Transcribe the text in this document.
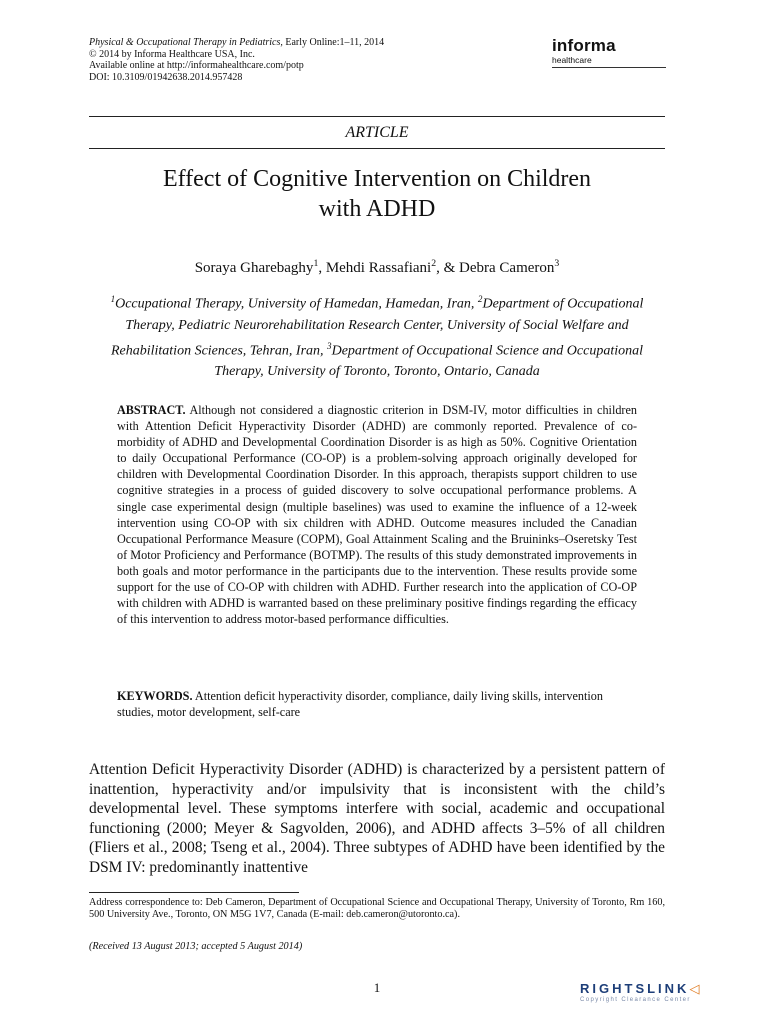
Physical & Occupational Therapy in Pediatrics, Early Online:1–11, 2014
© 2014 by Informa Healthcare USA, Inc.
Available online at http://informahealthcare.com/potp
DOI: 10.3109/01942638.2014.957428
informa
healthcare
ARTICLE
Effect of Cognitive Intervention on Children
with ADHD
Soraya Gharebaghy$^1$, Mehdi Rassafiani$^2$, & Debra Cameron$^3$
$^1$Occupational Therapy, University of Hamedan, Hamedan, Iran, $^2$Department of Occupational Therapy, Pediatric Neurorehabilitation Research Center, University of Social Welfare and Rehabilitation Sciences, Tehran, Iran, $^3$Department of Occupational Science and Occupational Therapy, University of Toronto, Toronto, Ontario, Canada
ABSTRACT. Although not considered a diagnostic criterion in DSM-IV, motor difficulties in children with Attention Deficit Hyperactivity Disorder (ADHD) are commonly reported. Prevalence of co-morbidity of ADHD and Developmental Coordination Disorder is as high as 50%. Cognitive Orientation to daily Occupational Performance (CO-OP) is a problem-solving approach originally developed for children with Developmental Coordination Disorder. In this approach, therapists support children to use cognitive strategies in a process of guided discovery to solve occupational performance problems. A single case experimental design (multiple baselines) was used to examine the influence of a 12-week intervention using CO-OP with six children with ADHD. Outcome measures included the Canadian Occupational Performance Measure (COPM), Goal Attainment Scaling and the Bruininks–Oseretsky Test of Motor Proficiency and Performance (BOTMP). The results of this study demonstrated improvements in both goals and motor performance in the participants due to the intervention. These results provide some support for the use of CO-OP with children with ADHD. Further research into the application of CO-OP with children with ADHD is warranted based on these preliminary positive findings regarding the efficacy of this intervention to address motor-based performance difficulties.
KEYWORDS. Attention deficit hyperactivity disorder, compliance, daily living skills, intervention studies, motor development, self-care
Attention Deficit Hyperactivity Disorder (ADHD) is characterized by a persistent pattern of inattention, hyperactivity and/or impulsivity that is inconsistent with the child’s developmental level. These symptoms interfere with social, academic and occupational functioning (2000; Meyer & Sagvolden, 2006), and ADHD affects 3–5% of all children (Fliers et al., 2008; Tseng et al., 2004). Three subtypes of ADHD have been identified by the DSM IV: predominantly inattentive
Address correspondence to: Deb Cameron, Department of Occupational Science and Occupational Therapy, University of Toronto, Rm 160, 500 University Ave., Toronto, ON M5G 1V7, Canada (E-mail: deb.cameron@utoronto.ca).
(Received 13 August 2013; accepted 5 August 2014)
1	RIGHTSLINK◁
Copyright Clearance Center
